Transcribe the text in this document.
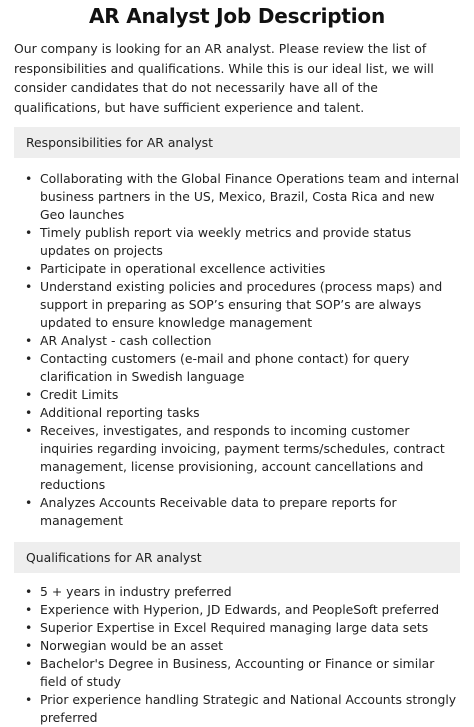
AR Analyst Job Description

Our company is looking for an AR analyst. Please review the list of responsibilities and qualifications. While this is our ideal list, we will consider candidates that do not necessarily have all of the qualifications, but have sufficient experience and talent.

Responsibilities for AR analyst
• Collaborating with the Global Finance Operations team and internal business partners in the US, Mexico, Brazil, Costa Rica and new Geo launches
• Timely publish report via weekly metrics and provide status updates on projects
• Participate in operational excellence activities
• Understand existing policies and procedures (process maps) and support in preparing as SOP’s ensuring that SOP’s are always updated to ensure knowledge management
• AR Analyst - cash collection
• Contacting customers (e-mail and phone contact) for query clarification in Swedish language
• Credit Limits
• Additional reporting tasks
• Receives, investigates, and responds to incoming customer inquiries regarding invoicing, payment terms/schedules, contract management, license provisioning, account cancellations and reductions
• Analyzes Accounts Receivable data to prepare reports for management
Qualifications for AR analyst
• 5 + years in industry preferred
• Experience with Hyperion, JD Edwards, and PeopleSoft preferred
• Superior Expertise in Excel Required managing large data sets
• Norwegian would be an asset
• Bachelor's Degree in Business, Accounting or Finance or similar field of study
• Prior experience handling Strategic and National Accounts strongly preferred
